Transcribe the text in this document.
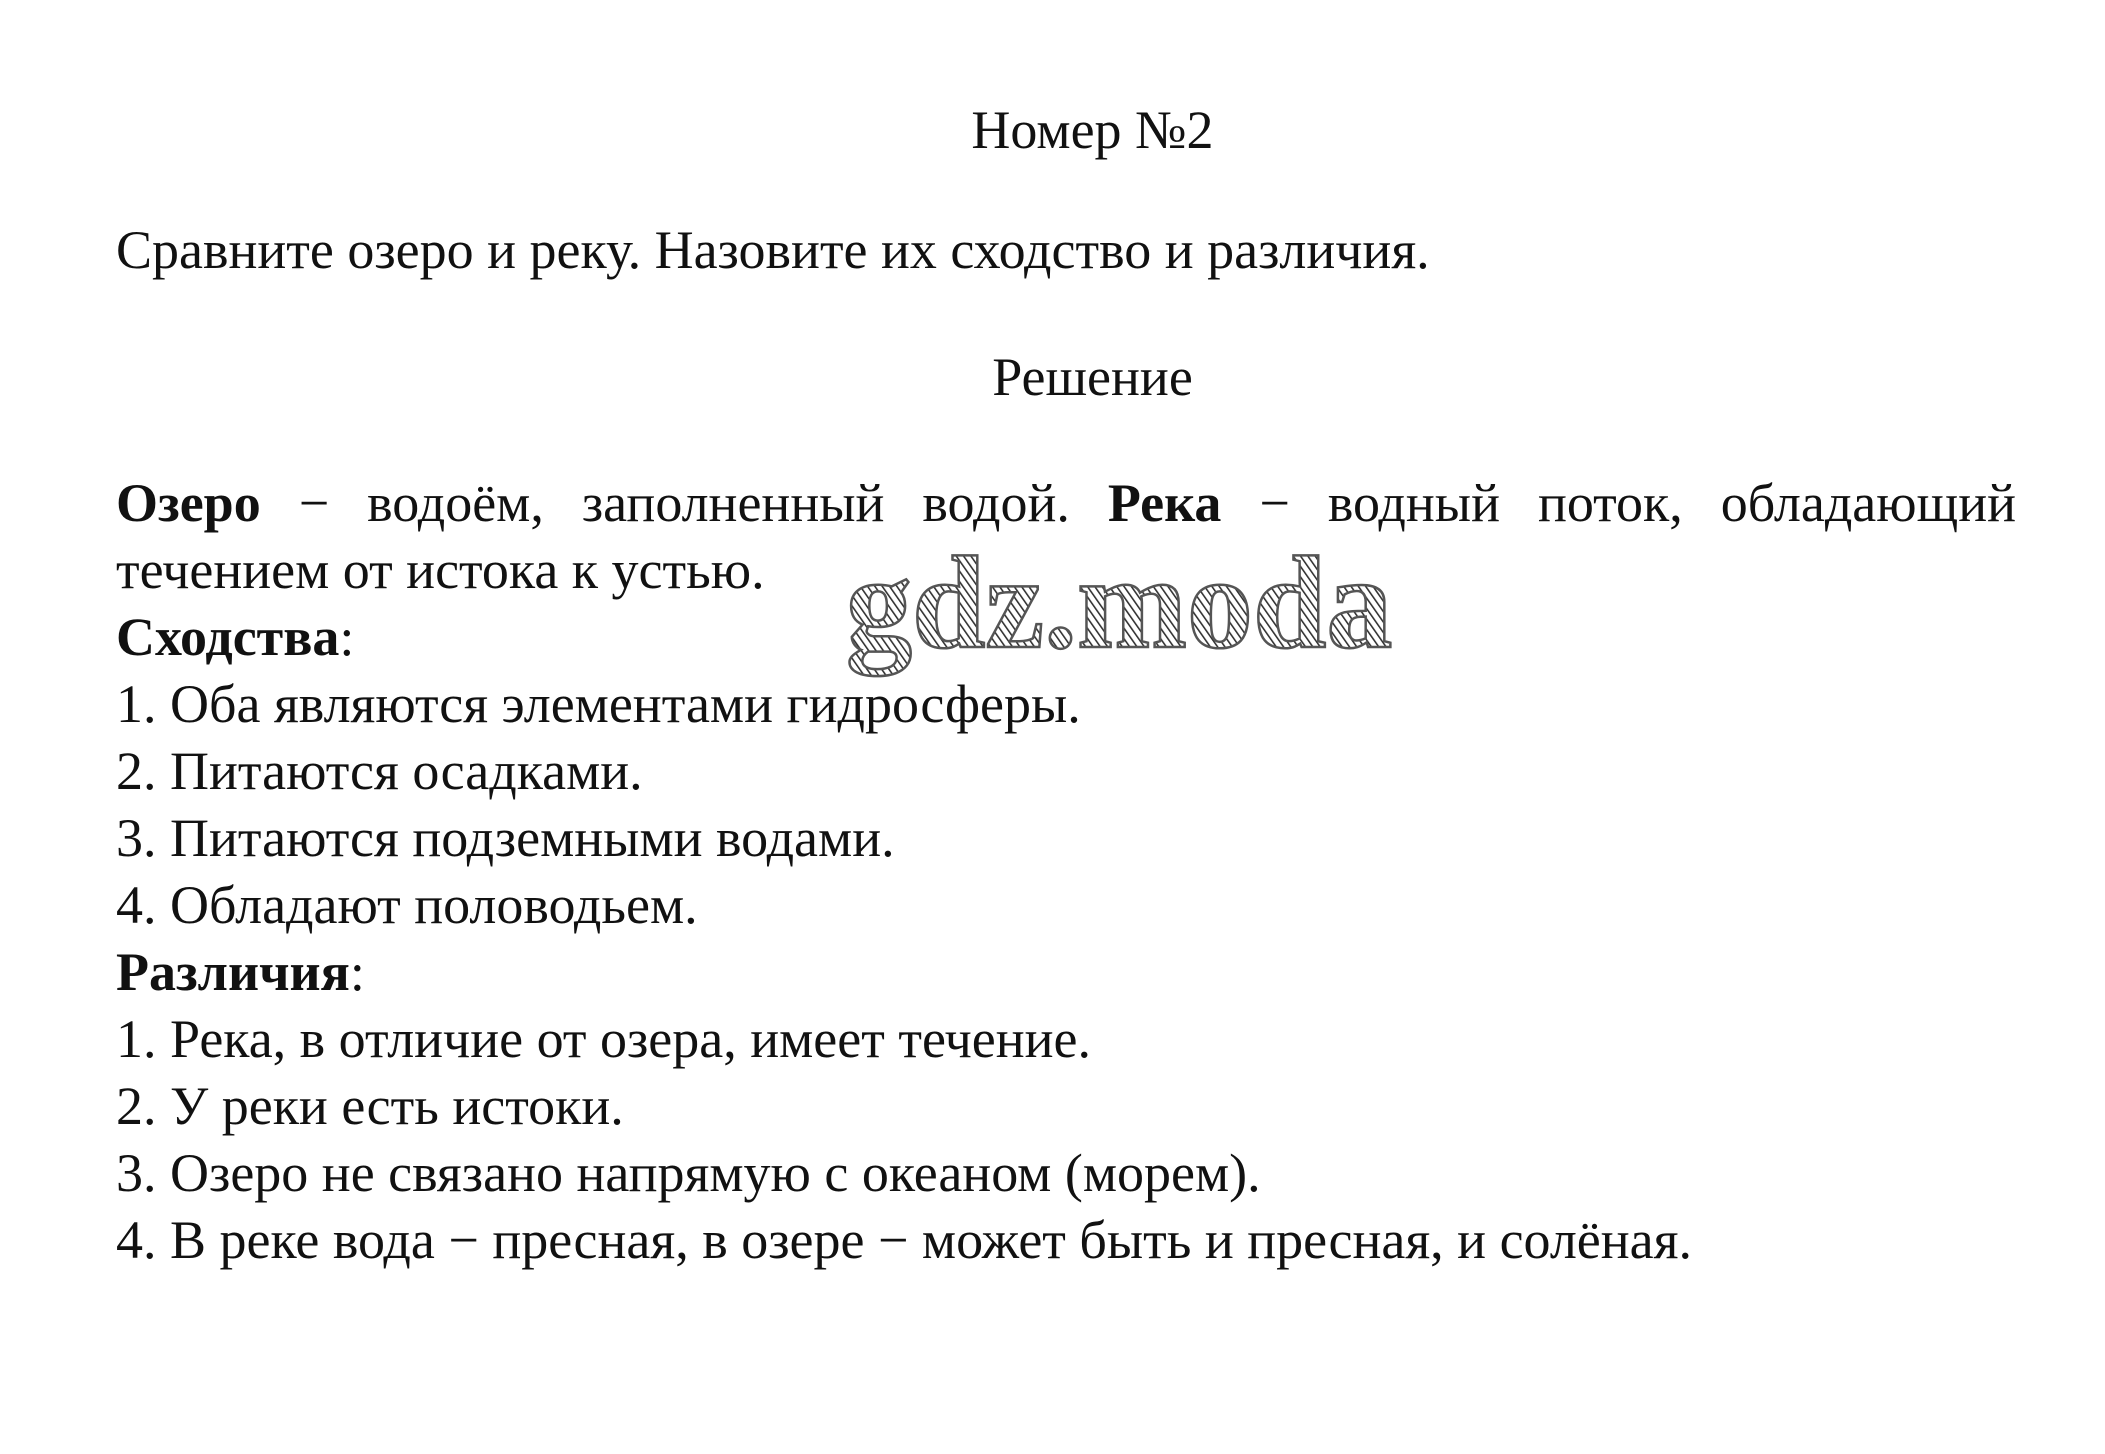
Номер №2

Сравните озеро и реку. Назовите их сходство и различия.

Решение

Озеро − водоём, заполненный водой. Река − водный поток, обладающий течением от истока к устью.

Сходства:

1. Оба являются элементами гидросферы.

2. Питаются осадками.

3. Питаются подземными водами.

4. Обладают половодьем.

Различия:

1. Река, в отличие от озера, имеет течение.

2. У реки есть истоки.

3. Озеро не связано напрямую с океаном (морем).

4. В реке вода − пресная, в озере − может быть и пресная, и солёная.

gdz.moda
